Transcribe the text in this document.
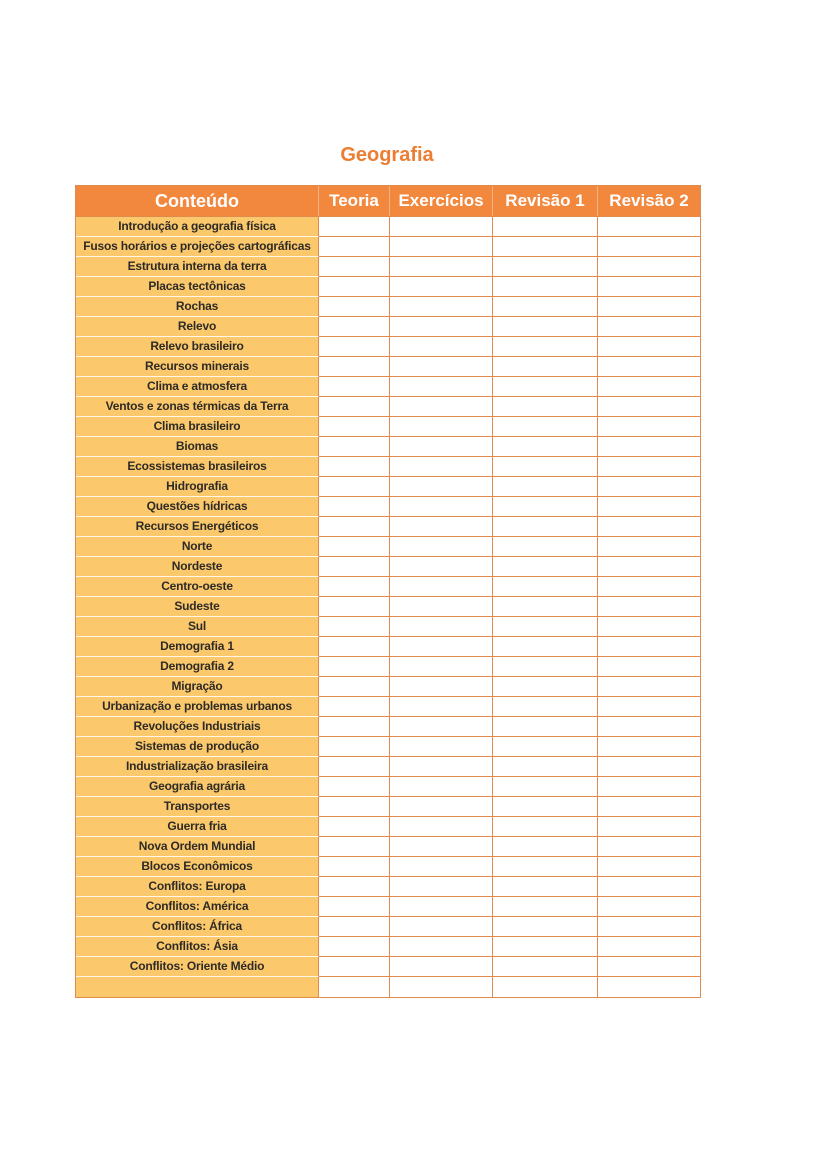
Geografia
Conteúdo	Teoria	Exercícios	Revisão 1	Revisão 2
Introdução a geografia física
Fusos horários e projeções cartográficas
Estrutura interna da terra
Placas tectônicas
Rochas
Relevo
Relevo brasileiro
Recursos minerais
Clima e atmosfera
Ventos e zonas térmicas da Terra
Clima brasileiro
Biomas
Ecossistemas brasileiros
Hidrografia
Questões hídricas
Recursos Energéticos
Norte
Nordeste
Centro-oeste
Sudeste
Sul
Demografia 1
Demografia 2
Migração
Urbanização e problemas urbanos
Revoluções Industriais
Sistemas de produção
Industrialização brasileira
Geografia agrária
Transportes
Guerra fria
Nova Ordem Mundial
Blocos Econômicos
Conflitos: Europa
Conflitos: América
Conflitos: África
Conflitos: Ásia
Conflitos: Oriente Médio
